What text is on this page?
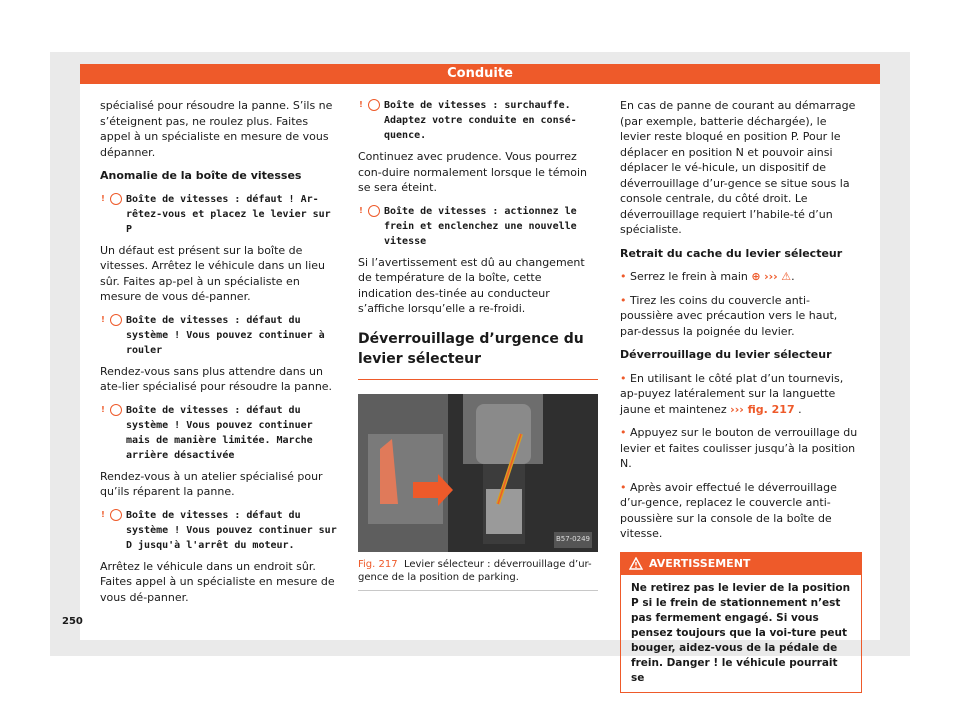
Conduite

spécialisé pour résoudre la panne. S’ils ne s’éteignent pas, ne roulez plus. Faites appel à un spécialiste en mesure de vous dépanner.

Anomalie de la boîte de vitesses

! Boîte de vitesses : défaut ! Ar-rêtez-vous et placez le levier sur P

Un défaut est présent sur la boîte de vitesses. Arrêtez le véhicule dans un lieu sûr. Faites ap-pel à un spécialiste en mesure de vous dé-panner.

! Boîte de vitesses : défaut du système ! Vous pouvez continuer à rouler

Rendez-vous sans plus attendre dans un ate-lier spécialisé pour résoudre la panne.

! Boîte de vitesses : défaut du système ! Vous pouvez continuer mais de manière limitée. Marche arrière désactivée

Rendez-vous à un atelier spécialisé pour qu’ils réparent la panne.

! Boîte de vitesses : défaut du système ! Vous pouvez continuer sur D jusqu'à l'arrêt du moteur.

Arrêtez le véhicule dans un endroit sûr. Faites appel à un spécialiste en mesure de vous dé-panner.

! Boîte de vitesses : surchauffe. Adaptez votre conduite en consé-quence.

Continuez avec prudence. Vous pourrez con-duire normalement lorsque le témoin se sera éteint.

! Boîte de vitesses : actionnez le frein et enclenchez une nouvelle vitesse

Si l’avertissement est dû au changement de température de la boîte, cette indication des-tinée au conducteur s’affiche lorsqu’elle a re-froidi.

Déverrouillage d’urgence du levier sélecteur
B57-0249
Fig. 217 Levier sélecteur : déverrouillage d’ur-gence de la position de parking.

En cas de panne de courant au démarrage (par exemple, batterie déchargée), le levier reste bloqué en position P. Pour le déplacer en position N et pouvoir ainsi déplacer le vé-hicule, un dispositif de déverrouillage d’ur-gence se situe sous la console centrale, du côté droit. Le déverrouillage requiert l’habile-té d’un spécialiste.

Retrait du cache du levier sélecteur

• Serrez le frein à main ⊕ ››› ⚠.

• Tirez les coins du couvercle anti-poussière avec précaution vers le haut, par-dessus la poignée du levier.

Déverrouillage du levier sélecteur

• En utilisant le côté plat d’un tournevis, ap-puyez latéralement sur la languette jaune et maintenez ››› fig. 217 .

• Appuyez sur le bouton de verrouillage du levier et faites coulisser jusqu’à la position N.

• Après avoir effectué le déverrouillage d’ur-gence, replacez le couvercle anti-poussière sur la console de la boîte de vitesse.

AVERTISSEMENT
Ne retirez pas le levier de la position P si le frein de stationnement n’est pas fermement engagé. Si vous pensez toujours que la voi-ture peut bouger, aidez-vous de la pédale de frein. Danger ! le véhicule pourrait se
250
